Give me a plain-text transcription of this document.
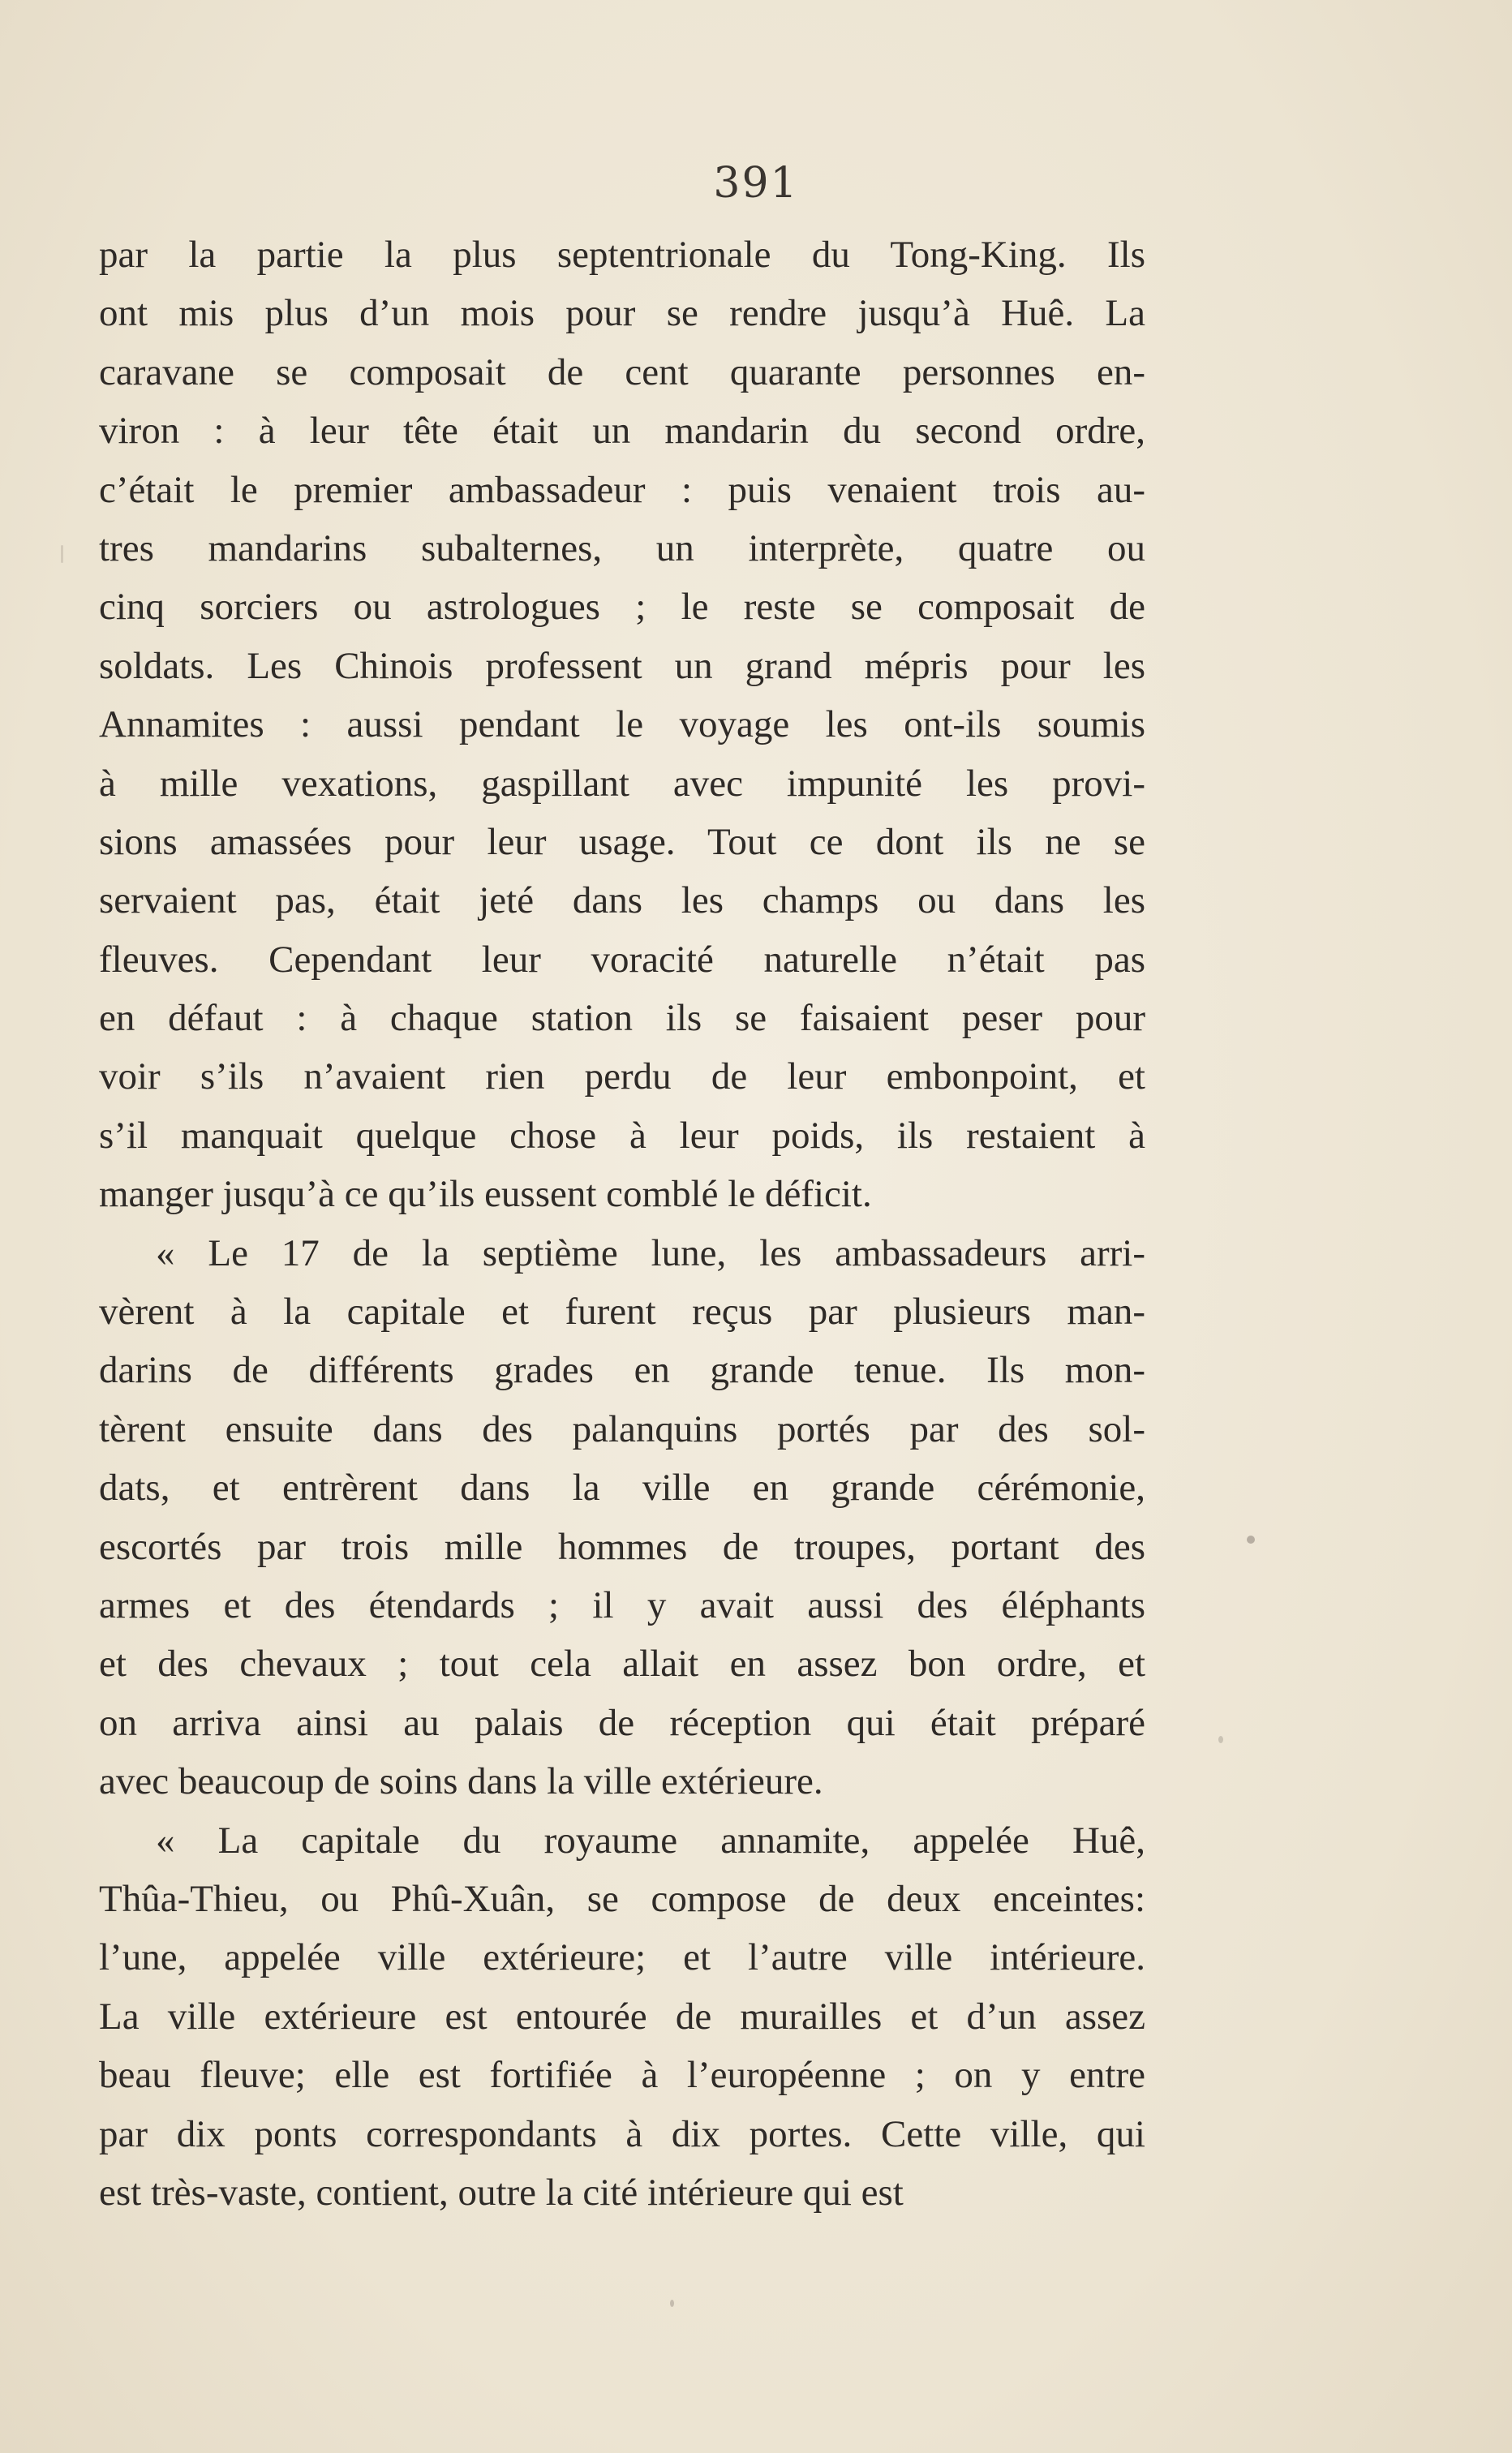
391
par la partie la plus septentrionale du Tong-King. Ils
ont mis plus d’un mois pour se rendre jusqu’à Huê. La
caravane se composait de cent quarante personnes en-
viron : à leur tête était un mandarin du second ordre,
c’était le premier ambassadeur : puis venaient trois au-
tres mandarins subalternes, un interprète, quatre ou
cinq sorciers ou astrologues ; le reste se composait de
soldats. Les Chinois professent un grand mépris pour les
Annamites : aussi pendant le voyage les ont-ils soumis
à mille vexations, gaspillant avec impunité les provi-
sions amassées pour leur usage. Tout ce dont ils ne se
servaient pas, était jeté dans les champs ou dans les
fleuves. Cependant leur voracité naturelle n’était pas
en défaut : à chaque station ils se faisaient peser pour
voir s’ils n’avaient rien perdu de leur embonpoint, et
s’il manquait quelque chose à leur poids, ils restaient à
manger jusqu’à ce qu’ils eussent comblé le déficit.
« Le 17 de la septième lune, les ambassadeurs arri-
vèrent à la capitale et furent reçus par plusieurs man-
darins de différents grades en grande tenue. Ils mon-
tèrent ensuite dans des palanquins portés par des sol-
dats, et entrèrent dans la ville en grande cérémonie,
escortés par trois mille hommes de troupes, portant des
armes et des étendards ; il y avait aussi des éléphants
et des chevaux ; tout cela allait en assez bon ordre, et
on arriva ainsi au palais de réception qui était préparé
avec beaucoup de soins dans la ville extérieure.
« La capitale du royaume annamite, appelée Huê,
Thûa-Thieu, ou Phû-Xuân, se compose de deux enceintes:
l’une, appelée ville extérieure; et l’autre ville intérieure.
La ville extérieure est entourée de murailles et d’un assez
beau fleuve; elle est fortifiée à l’européenne ; on y entre
par dix ponts correspondants à dix portes. Cette ville, qui
est très-vaste, contient, outre la cité intérieure qui est
